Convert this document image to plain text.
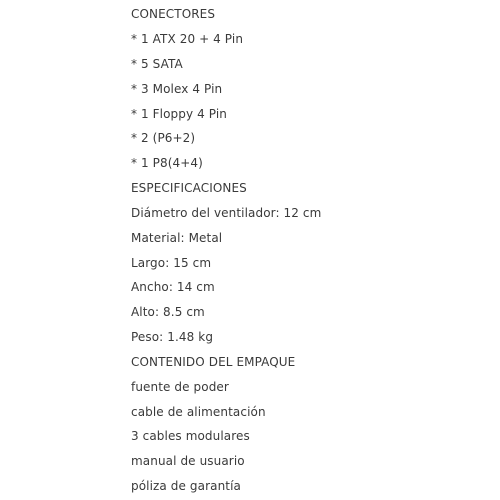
CONECTORES

* 1 ATX 20 + 4 Pin

* 5 SATA

* 3 Molex 4 Pin

* 1 Floppy 4 Pin

* 2 (P6+2)

* 1 P8(4+4)

ESPECIFICACIONES

Diámetro del ventilador: 12 cm

Material: Metal

Largo: 15 cm

Ancho: 14 cm

Alto: 8.5 cm

Peso: 1.48 kg

CONTENIDO DEL EMPAQUE

fuente de poder

cable de alimentación

3 cables modulares

manual de usuario

póliza de garantía
